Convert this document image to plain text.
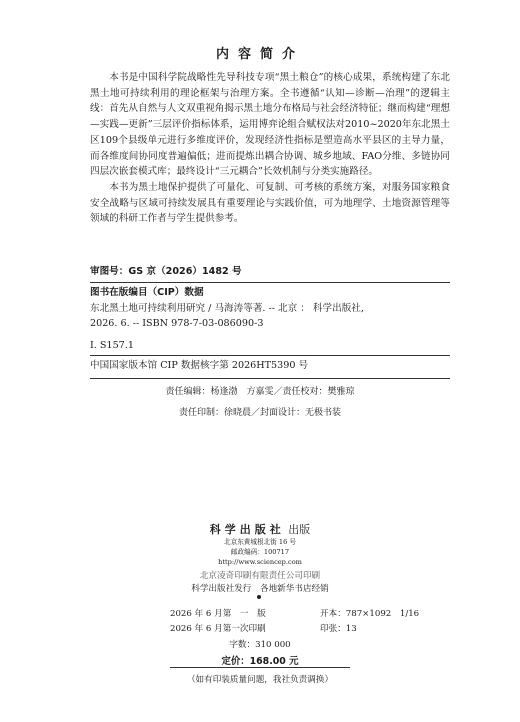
内容简介

本书是中国科学院战略性先导科技专项“黑土粮仓”的核心成果，系统构建了东北黑土地可持续利用的理论框架与治理方案。全书遵循“认知—诊断—治理”的逻辑主线：首先从自然与人文双重视角揭示黑土地分布格局与社会经济特征；继而构建“理想—实践—更新”三层评价指标体系，运用博弈论组合赋权法对2010~2020年东北黑土区109个县级单元进行多维度评价，发现经济性指标是塑造高水平县区的主导力量，而各维度间协同度普遍偏低；进而提炼出耦合协调、城乡地域、FAO分维、多链协同四层次嵌套模式库；最终设计“三元耦合”长效机制与分类实施路径。

本书为黑土地保护提供了可量化、可复制、可考核的系统方案，对服务国家粮食安全战略与区域可持续发展具有重要理论与实践价值，可为地理学、土地资源管理等领域的科研工作者与学生提供参考。

审图号：GS 京（2026）1482 号
图书在版编目（CIP）数据
东北黑土地可持续利用研究 / 马海涛等著. -- 北京 ： 科学出版社,
2026. 6. -- ISBN 978-7-03-086090-3
Ⅰ. S157.1
中国国家版本馆 CIP 数据核字第 2026HT5390 号
责任编辑：杨逢渤　方嘉雯／责任校对：樊雅琼
责任印制：徐晓晨／封面设计：无极书装
科学出版社 出版
北京东黄城根北街 16 号
邮政编码：100717
http://www.sciencep.com
北京凌奇印刷有限责任公司印刷
科学出版社发行　各地新华书店经销
2026 年 6 月第　一　版	开本：787×1092　1/16
2026 年 6 月第一次印刷	印张：13
字数：310 000
定价：168.00 元
（如有印装质量问题，我社负责调换）
